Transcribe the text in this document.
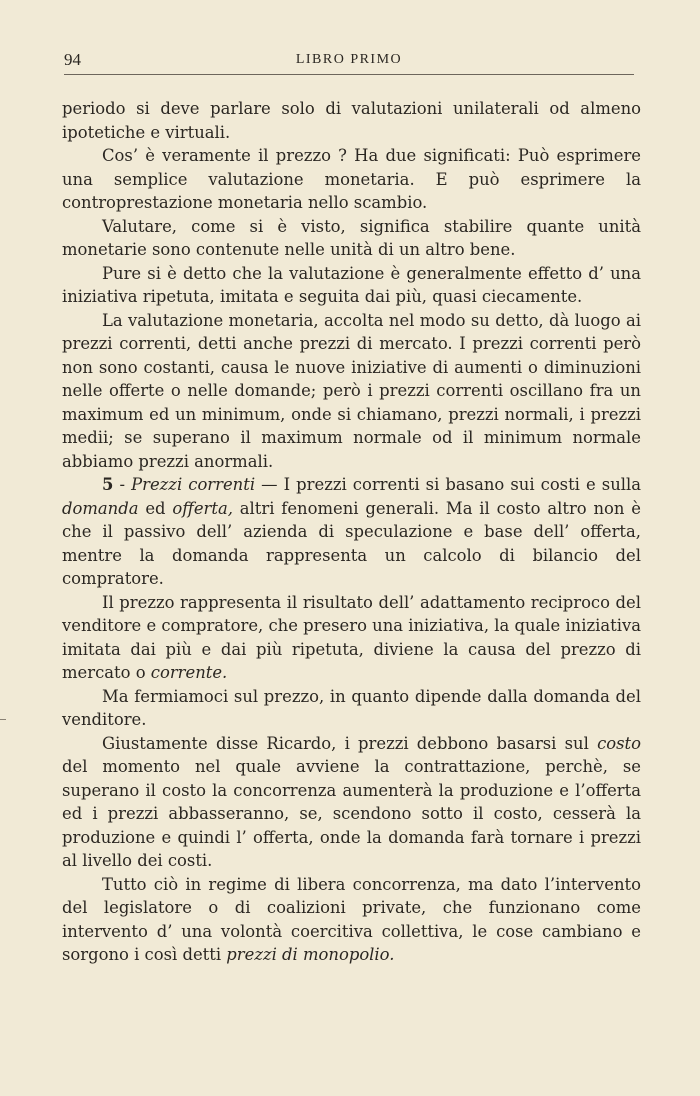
94	LIBRO PRIMO

periodo si deve parlare solo di valutazioni unilaterali od almeno ipotetiche e virtuali.

Cos’ è veramente il prezzo ? Ha due significati: Può esprimere una semplice valutazione monetaria. E può esprimere la controprestazione monetaria nello scambio.

Valutare, come si è visto, significa stabilire quante unità monetarie sono contenute nelle unità di un altro bene.

Pure si è detto che la valutazione è generalmente effetto d’ una iniziativa ripetuta, imitata e seguita dai più, quasi ciecamente.

La valutazione monetaria, accolta nel modo su detto, dà luogo ai prezzi correnti, detti anche prezzi di mercato. I prezzi correnti però non sono costanti, causa le nuove iniziative di aumenti o diminuzioni nelle offerte o nelle domande; però i prezzi correnti oscillano fra un maximum ed un minimum, onde si chiamano, prezzi normali, i prezzi medii; se superano il maximum normale od il minimum normale abbiamo prezzi anormali.

5 - Prezzi correnti — I prezzi correnti si basano sui costi e sulla domanda ed offerta, altri fenomeni generali. Ma il costo altro non è che il passivo dell’ azienda di speculazione e base dell’ offerta, mentre la domanda rappresenta un calcolo di bilancio del compratore.

Il prezzo rappresenta il risultato dell’ adattamento reciproco del venditore e compratore, che presero una iniziativa, la quale iniziativa imitata dai più e dai più ripetuta, diviene la causa del prezzo di mercato o corrente.

Ma fermiamoci sul prezzo, in quanto dipende dalla domanda del venditore.

Giustamente disse Ricardo, i prezzi debbono basarsi sul costo del momento nel quale avviene la contrattazione, perchè, se superano il costo la concorrenza aumenterà la produzione e l’offerta ed i prezzi abbasseranno, se, scendono sotto il costo, cesserà la produzione e quindi l’ offerta, onde la domanda farà tornare i prezzi al livello dei costi.

Tutto ciò in regime di libera concorrenza, ma dato l’intervento del legislatore o di coalizioni private, che funzionano come intervento d’ una volontà coercitiva collettiva, le cose cambiano e sorgono i così detti prezzi di monopolio.
